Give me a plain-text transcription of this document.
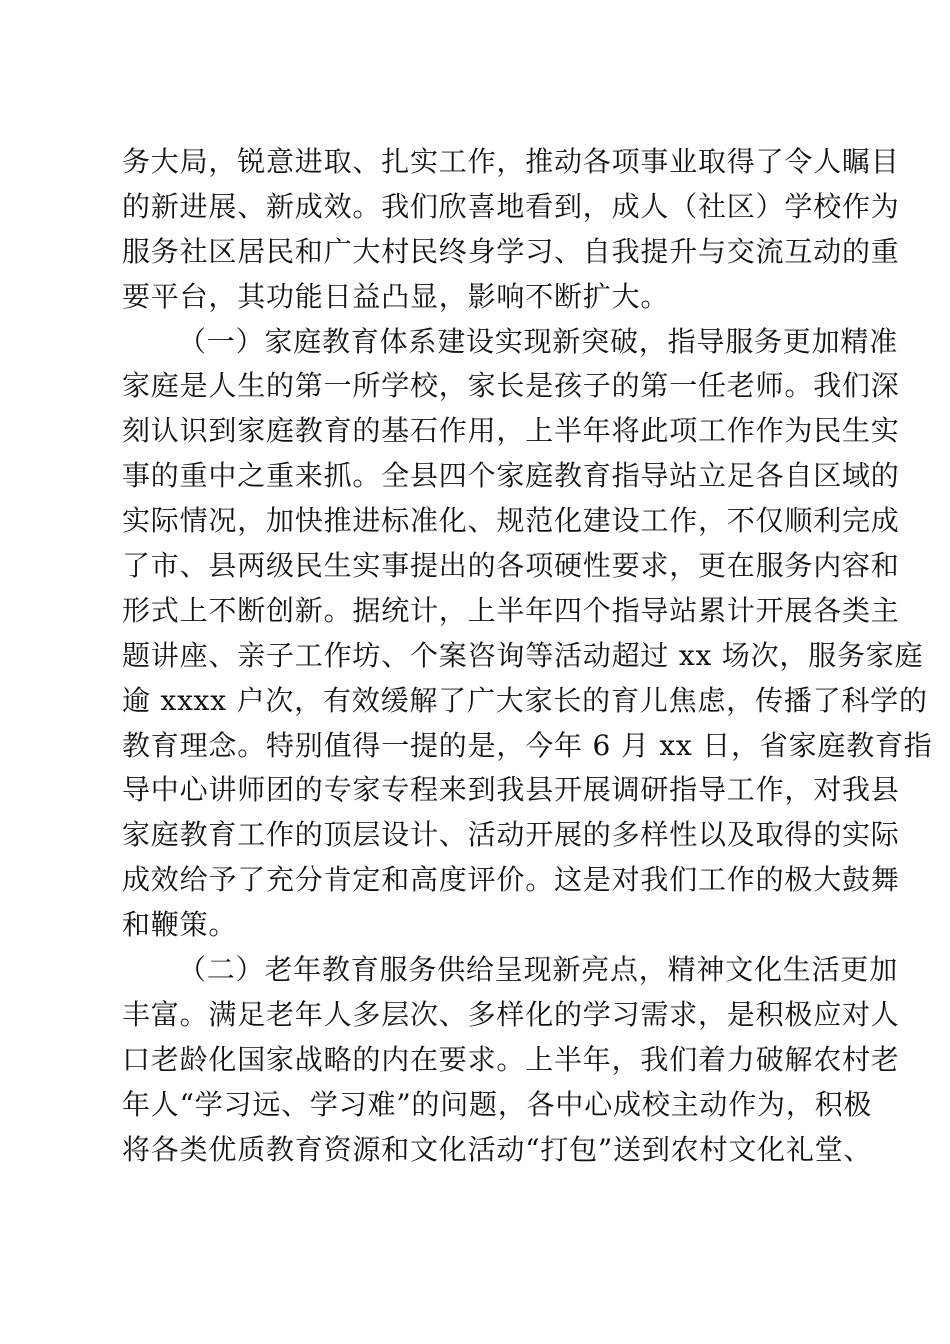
务大局，锐意进取、扎实工作，推动各项事业取得了令人瞩目
的新进展、新成效。我们欣喜地看到，成人（社区）学校作为
服务社区居民和广大村民终身学习、自我提升与交流互动的重
要平台，其功能日益凸显，影响不断扩大。
（一）家庭教育体系建设实现新突破，指导服务更加精准
家庭是人生的第一所学校，家长是孩子的第一任老师。我们深
刻认识到家庭教育的基石作用，上半年将此项工作作为民生实
事的重中之重来抓。全县四个家庭教育指导站立足各自区域的
实际情况，加快推进标准化、规范化建设工作，不仅顺利完成
了市、县两级民生实事提出的各项硬性要求，更在服务内容和
形式上不断创新。据统计，上半年四个指导站累计开展各类主
题讲座、亲子工作坊、个案咨询等活动超过 xx 场次，服务家庭
逾 xxxx 户次，有效缓解了广大家长的育儿焦虑，传播了科学的
教育理念。特别值得一提的是，今年 6 月 xx 日，省家庭教育指
导中心讲师团的专家专程来到我县开展调研指导工作，对我县
家庭教育工作的顶层设计、活动开展的多样性以及取得的实际
成效给予了充分肯定和高度评价。这是对我们工作的极大鼓舞
和鞭策。
（二）老年教育服务供给呈现新亮点，精神文化生活更加
丰富。满足老年人多层次、多样化的学习需求，是积极应对人
口老龄化国家战略的内在要求。上半年，我们着力破解农村老
年人“学习远、学习难”的问题，各中心成校主动作为，积极
将各类优质教育资源和文化活动“打包”送到农村文化礼堂、
